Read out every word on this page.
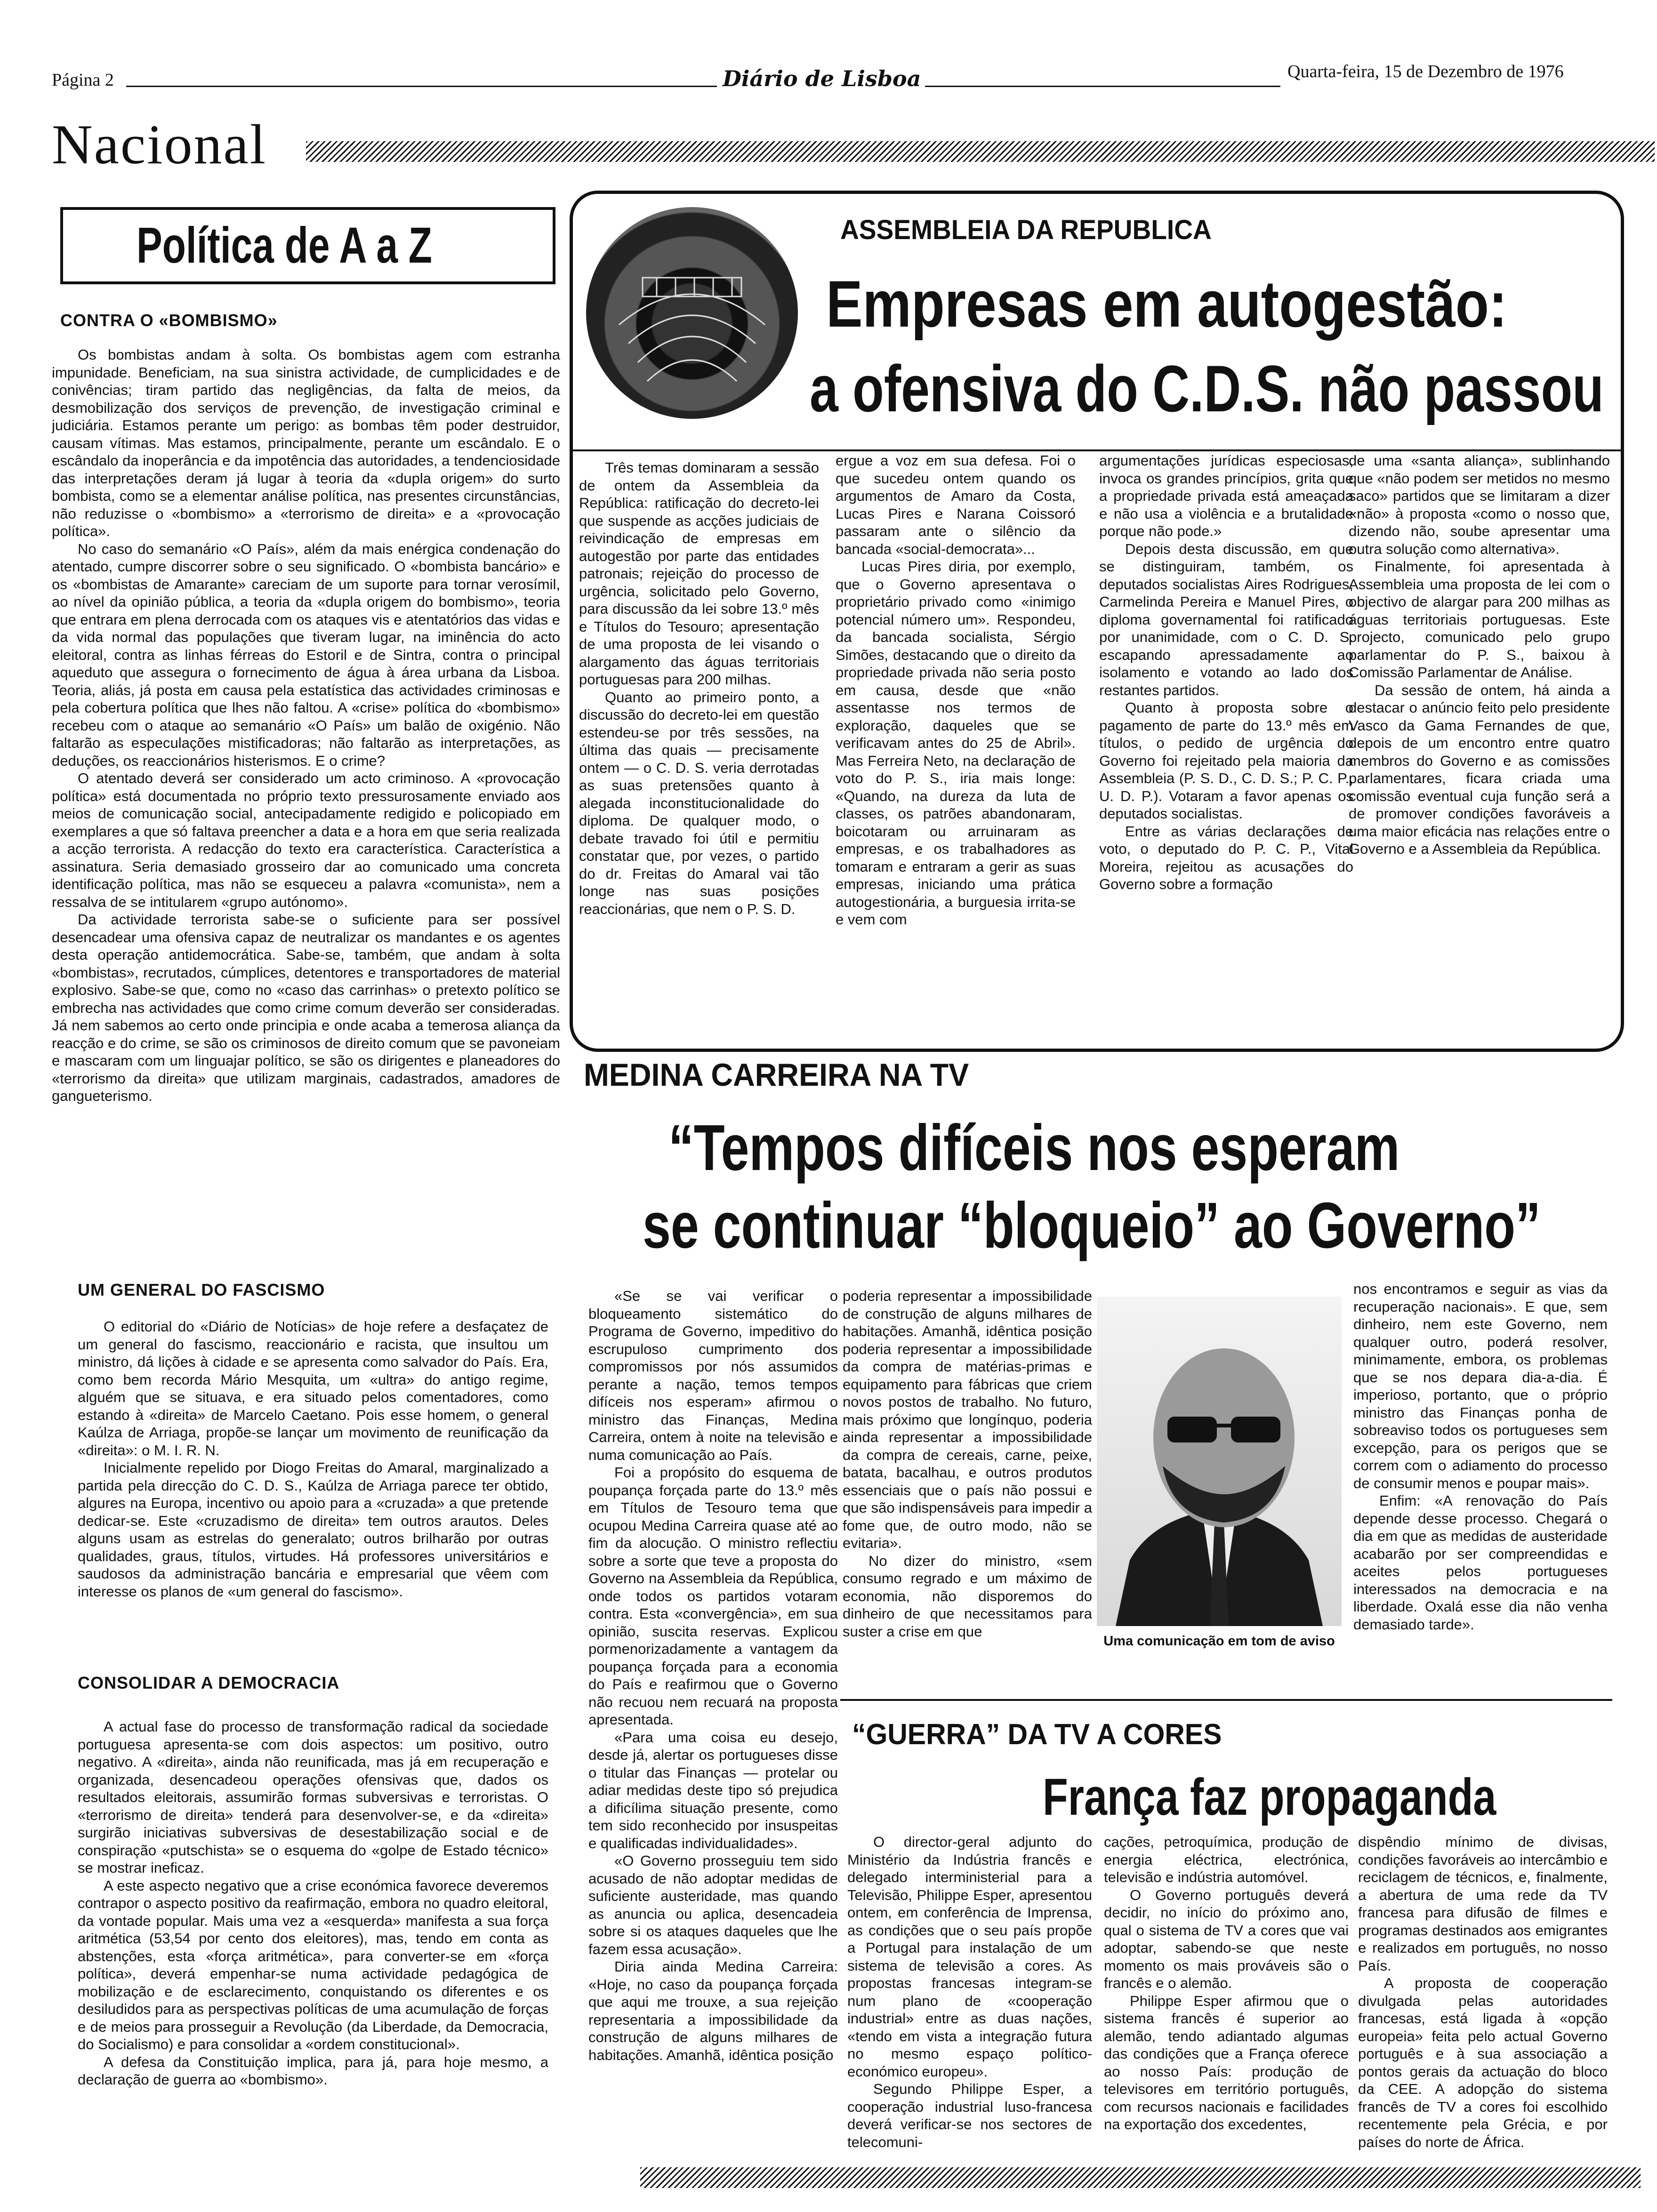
Página 2	Diário de Lisboa	Quarta-feira, 15 de Dezembro de 1976
Nacional
Política de A a Z
CONTRA O «BOMBISMO»

Os bombistas andam à solta. Os bombistas agem com estranha impunidade. Beneficiam, na sua sinistra actividade, de cumplicidades e de conivências; tiram partido das negligências, da falta de meios, da desmobilização dos serviços de prevenção, de investigação criminal e judiciária. Estamos perante um perigo: as bombas têm poder destruidor, causam vítimas. Mas estamos, principalmente, perante um escândalo. E o escândalo da inoperância e da impotência das autoridades, a tendenciosidade das interpretações deram já lugar à teoria da «dupla origem» do surto bombista, como se a elementar análise política, nas presentes circunstâncias, não reduzisse o «bombismo» a «terrorismo de direita» e a «provocação política».

No caso do semanário «O País», além da mais enérgica condenação do atentado, cumpre discorrer sobre o seu significado. O «bombista bancário» e os «bombistas de Amarante» careciam de um suporte para tornar verosímil, ao nível da opinião pública, a teoria da «dupla origem do bombismo», teoria que entrara em plena derrocada com os ataques vis e atentatórios das vidas e da vida normal das populações que tiveram lugar, na iminência do acto eleitoral, contra as linhas férreas do Estoril e de Sintra, contra o principal aqueduto que assegura o fornecimento de água à área urbana da Lisboa. Teoria, aliás, já posta em causa pela estatística das actividades criminosas e pela cobertura política que lhes não faltou. A «crise» política do «bombismo» recebeu com o ataque ao semanário «O País» um balão de oxigénio. Não faltarão as especulações mistificadoras; não faltarão as interpretações, as deduções, os reaccionários histerismos. E o crime?

O atentado deverá ser considerado um acto criminoso. A «provocação política» está documentada no próprio texto pressurosamente enviado aos meios de comunicação social, antecipadamente redigido e policopiado em exemplares a que só faltava preencher a data e a hora em que seria realizada a acção terrorista. A redacção do texto era característica. Característica a assinatura. Seria demasiado grosseiro dar ao comunicado uma concreta identificação política, mas não se esqueceu a palavra «comunista», nem a ressalva de se intitularem «grupo autónomo».

Da actividade terrorista sabe-se o suficiente para ser possível desencadear uma ofensiva capaz de neutralizar os mandantes e os agentes desta operação antidemocrática. Sabe-se, também, que andam à solta «bombistas», recrutados, cúmplices, detentores e transportadores de material explosivo. Sabe-se que, como no «caso das carrinhas» o pretexto político se embrecha nas actividades que como crime comum deverão ser consideradas. Já nem sabemos ao certo onde principia e onde acaba a temerosa aliança da reacção e do crime, se são os criminosos de direito comum que se pavoneiam e mascaram com um linguajar político, se são os dirigentes e planeadores do «terrorismo da direita» que utilizam marginais, cadastrados, amadores de gangueterismo.

UM GENERAL DO FASCISMO

O editorial do «Diário de Notícias» de hoje refere a desfaçatez de um general do fascismo, reaccionário e racista, que insultou um ministro, dá lições à cidade e se apresenta como salvador do País. Era, como bem recorda Mário Mesquita, um «ultra» do antigo regime, alguém que se situava, e era situado pelos comentadores, como estando à «direita» de Marcelo Caetano. Pois esse homem, o general Kaúlza de Arriaga, propõe-se lançar um movimento de reunificação da «direita»: o M. I. R. N.

Inicialmente repelido por Diogo Freitas do Amaral, marginalizado a partida pela direcção do C. D. S., Kaúlza de Arriaga parece ter obtido, algures na Europa, incentivo ou apoio para a «cruzada» a que pretende dedicar-se. Este «cruzadismo de direita» tem outros arautos. Deles alguns usam as estrelas do generalato; outros brilharão por outras qualidades, graus, títulos, virtudes. Há professores universitários e saudosos da administração bancária e empresarial que vêem com interesse os planos de «um general do fascismo».

CONSOLIDAR A DEMOCRACIA

A actual fase do processo de transformação radical da sociedade portuguesa apresenta-se com dois aspectos: um positivo, outro negativo. A «direita», ainda não reunificada, mas já em recuperação e organizada, desencadeou operações ofensivas que, dados os resultados eleitorais, assumirão formas subversivas e terroristas. O «terrorismo de direita» tenderá para desenvolver-se, e da «direita» surgirão iniciativas subversivas de desestabilização social e de conspiração «putschista» se o esquema do «golpe de Estado técnico» se mostrar ineficaz.

A este aspecto negativo que a crise económica favorece deveremos contrapor o aspecto positivo da reafirmação, embora no quadro eleitoral, da vontade popular. Mais uma vez a «esquerda» manifesta a sua força aritmética (53,54 por cento dos eleitores), mas, tendo em conta as abstenções, esta «força aritmética», para converter-se em «força política», deverá empenhar-se numa actividade pedagógica de mobilização e de esclarecimento, conquistando os diferentes e os desiludidos para as perspectivas políticas de uma acumulação de forças e de meios para prosseguir a Revolução (da Liberdade, da Democracia, do Socialismo) e para consolidar a «ordem constitucional».

A defesa da Constituição implica, para já, para hoje mesmo, a declaração de guerra ao «bombismo».

ASSEMBLEIA DA REPUBLICA
Empresas em autogestão:
a ofensiva do C.D.S. não passou

Três temas dominaram a sessão de ontem da Assembleia da República: ratificação do decreto-lei que suspende as acções judiciais de reivindicação de empresas em autogestão por parte das entidades patronais; rejeição do processo de urgência, solicitado pelo Governo, para discussão da lei sobre 13.º mês e Títulos do Tesouro; apresentação de uma proposta de lei visando o alargamento das águas territoriais portuguesas para 200 milhas.

Quanto ao primeiro ponto, a discussão do decreto-lei em questão estendeu-se por três sessões, na última das quais — precisamente ontem — o C. D. S. veria derrotadas as suas pretensões quanto à alegada inconstitucionalidade do diploma. De qualquer modo, o debate travado foi útil e permitiu constatar que, por vezes, o partido do dr. Freitas do Amaral vai tão longe nas suas posições reaccionárias, que nem o P. S. D.

ergue a voz em sua defesa. Foi o que sucedeu ontem quando os argumentos de Amaro da Costa, Lucas Pires e Narana Coissoró passaram ante o silêncio da bancada «social-democrata»...

Lucas Pires diria, por exemplo, que o Governo apresentava o proprietário privado como «inimigo potencial número um». Respondeu, da bancada socialista, Sérgio Simões, destacando que o direito da propriedade privada não seria posto em causa, desde que «não assentasse nos termos de exploração, daqueles que se verificavam antes do 25 de Abril». Mas Ferreira Neto, na declaração de voto do P. S., iria mais longe: «Quando, na dureza da luta de classes, os patrões abandonaram, boicotaram ou arruinaram as empresas, e os trabalhadores as tomaram e entraram a gerir as suas empresas, iniciando uma prática autogestionária, a burguesia irrita-se e vem com

argumentações jurídicas especiosas, invoca os grandes princípios, grita que a propriedade privada está ameaçada e não usa a violência e a brutalidade porque não pode.»

Depois desta discussão, em que se distinguiram, também, os deputados socialistas Aires Rodrigues, Carmelinda Pereira e Manuel Pires, o diploma governamental foi ratificado por unanimidade, com o C. D. S. escapando apressadamente ao isolamento e votando ao lado dos restantes partidos.

Quanto à proposta sobre o pagamento de parte do 13.º mês em títulos, o pedido de urgência do Governo foi rejeitado pela maioria da Assembleia (P. S. D., C. D. S.; P. C. P., U. D. P.). Votaram a favor apenas os deputados socialistas.

Entre as várias declarações de voto, o deputado do P. C. P., Vital Moreira, rejeitou as acusações do Governo sobre a formação

de uma «santa aliança», sublinhando que «não podem ser metidos no mesmo saco» partidos que se limitaram a dizer «não» à proposta «como o nosso que, dizendo não, soube apresentar uma outra solução como alternativa».

Finalmente, foi apresentada à Assembleia uma proposta de lei com o objectivo de alargar para 200 milhas as águas territoriais portuguesas. Este projecto, comunicado pelo grupo parlamentar do P. S., baixou à Comissão Parlamentar de Análise.

Da sessão de ontem, há ainda a destacar o anúncio feito pelo presidente Vasco da Gama Fernandes de que, depois de um encontro entre quatro membros do Governo e as comissões parlamentares, ficara criada uma comissão eventual cuja função será a de promover condições favoráveis a uma maior eficácia nas relações entre o Governo e a Assembleia da República.

MEDINA CARREIRA NA TV
“Tempos difíceis nos esperam
se continuar “bloqueio” ao Governo”

«Se se vai verificar o bloqueamento sistemático do Programa de Governo, impeditivo do escrupuloso cumprimento dos compromissos por nós assumidos perante a nação, temos tempos difíceis nos esperam» afirmou o ministro das Finanças, Medina Carreira, ontem à noite na televisão e numa comunicação ao País.

Foi a propósito do esquema de poupança forçada parte do 13.º mês em Títulos de Tesouro tema que ocupou Medina Carreira quase até ao fim da alocução. O ministro reflectiu sobre a sorte que teve a proposta do Governo na Assembleia da República, onde todos os partidos votaram contra. Esta «convergência», em sua opinião, suscita reservas. Explicou pormenorizadamente a vantagem da poupança forçada para a economia do País e reafirmou que o Governo não recuou nem recuará na proposta apresentada.

«Para uma coisa eu desejo, desde já, alertar os portugueses disse o titular das Finanças — protelar ou adiar medidas deste tipo só prejudica a dificílima situação presente, como tem sido reconhecido por insuspeitas e qualificadas individualidades».

«O Governo prosseguiu tem sido acusado de não adoptar medidas de suficiente austeridade, mas quando as anuncia ou aplica, desencadeia sobre si os ataques daqueles que lhe fazem essa acusação».

Diria ainda Medina Carreira: «Hoje, no caso da poupança forçada que aqui me trouxe, a sua rejeição representaria a impossibilidade da construção de alguns milhares de habitações. Amanhã, idêntica posição

poderia representar a impossibilidade de construção de alguns milhares de habitações. Amanhã, idêntica posição poderia representar a impossibilidade da compra de matérias-primas e equipamento para fábricas que criem novos postos de trabalho. No futuro, mais próximo que longínquo, poderia ainda representar a impossibilidade da compra de cereais, carne, peixe, batata, bacalhau, e outros produtos essenciais que o país não possui e que são indispensáveis para impedir a fome que, de outro modo, não se evitaria».

No dizer do ministro, «sem consumo regrado e um máximo de economia, não disporemos do dinheiro de que necessitamos para suster a crise em que

Uma comunicação em tom de aviso

nos encontramos e seguir as vias da recuperação nacionais». E que, sem dinheiro, nem este Governo, nem qualquer outro, poderá resolver, minimamente, embora, os problemas que se nos depara dia-a-dia. É imperioso, portanto, que o próprio ministro das Finanças ponha de sobreaviso todos os portugueses sem excepção, para os perigos que se correm com o adiamento do processo de consumir menos e poupar mais».

Enfim: «A renovação do País depende desse processo. Chegará o dia em que as medidas de austeridade acabarão por ser compreendidas e aceites pelos portugueses interessados na democracia e na liberdade. Oxalá esse dia não venha demasiado tarde».

“GUERRA” DA TV A CORES
França faz propaganda

O director-geral adjunto do Ministério da Indústria francês e delegado interministerial para a Televisão, Philippe Esper, apresentou ontem, em conferência de Imprensa, as condições que o seu país propõe a Portugal para instalação de um sistema de televisão a cores. As propostas francesas integram-se num plano de «cooperação industrial» entre as duas nações, «tendo em vista a integração futura no mesmo espaço político-económico europeu».

Segundo Philippe Esper, a cooperação industrial luso-francesa deverá verificar-se nos sectores de telecomuni-

cações, petroquímica, produção de energia eléctrica, electrónica, televisão e indústria automóvel.

O Governo português deverá decidir, no início do próximo ano, qual o sistema de TV a cores que vai adoptar, sabendo-se que neste momento os mais prováveis são o francês e o alemão.

Philippe Esper afirmou que o sistema francês é superior ao alemão, tendo adiantado algumas das condições que a França oferece ao nosso País: produção de televisores em território português, com recursos nacionais e facilidades na exportação dos excedentes,

dispêndio mínimo de divisas, condições favoráveis ao intercâmbio e reciclagem de técnicos, e, finalmente, a abertura de uma rede da TV francesa para difusão de filmes e programas destinados aos emigrantes e realizados em português, no nosso País.

A proposta de cooperação divulgada pelas autoridades francesas, está ligada à «opção europeia» feita pelo actual Governo português e à sua associação a pontos gerais da actuação do bloco da CEE. A adopção do sistema francês de TV a cores foi escolhido recentemente pela Grécia, e por países do norte de África.
